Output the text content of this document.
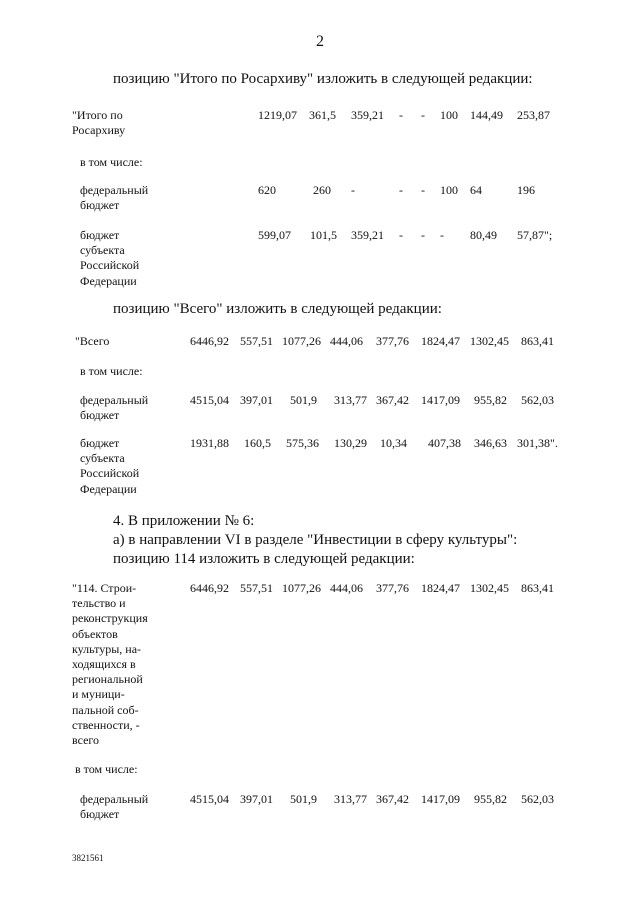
2
позицию "Итого по Росархиву" изложить в следующей редакции:
"Итого по
Росархиву
1219,07 361,5 359,21 - - 100 144,49 253,87
в том числе:
федеральный
бюджет
620	260 -	- - 100 64	196
бюджет
субъекта
Российской
Федерации
599,07 101,5 359,21 - - - 80,49 57,87";
позицию "Всего" изложить в следующей редакции:
"Всего	6446,92 557,51 1077,26 444,06 377,76 1824,47 1302,45 863,41
в том числе:
федеральный
бюджет
4515,04 397,01 501,9 313,77 367,42 1417,09 955,82 562,03
бюджет
субъекта
Российской
Федерации
1931,88 160,5 575,36 130,29 10,34 407,38 346,63 301,38".
4. В приложении № 6:
а) в направлении VI в разделе "Инвестиции в сферу культуры":
позицию 114 изложить в следующей редакции:
"114. Строи-
тельство и
реконструкция
объектов
культуры, на-
ходящихся в
региональной
и муници-
пальной соб-
ственности, -
всего
6446,92 557,51 1077,26 444,06 377,76 1824,47 1302,45 863,41
в том числе:
федеральный
бюджет
4515,04 397,01 501,9 313,77 367,42 1417,09 955,82 562,03
3821561
